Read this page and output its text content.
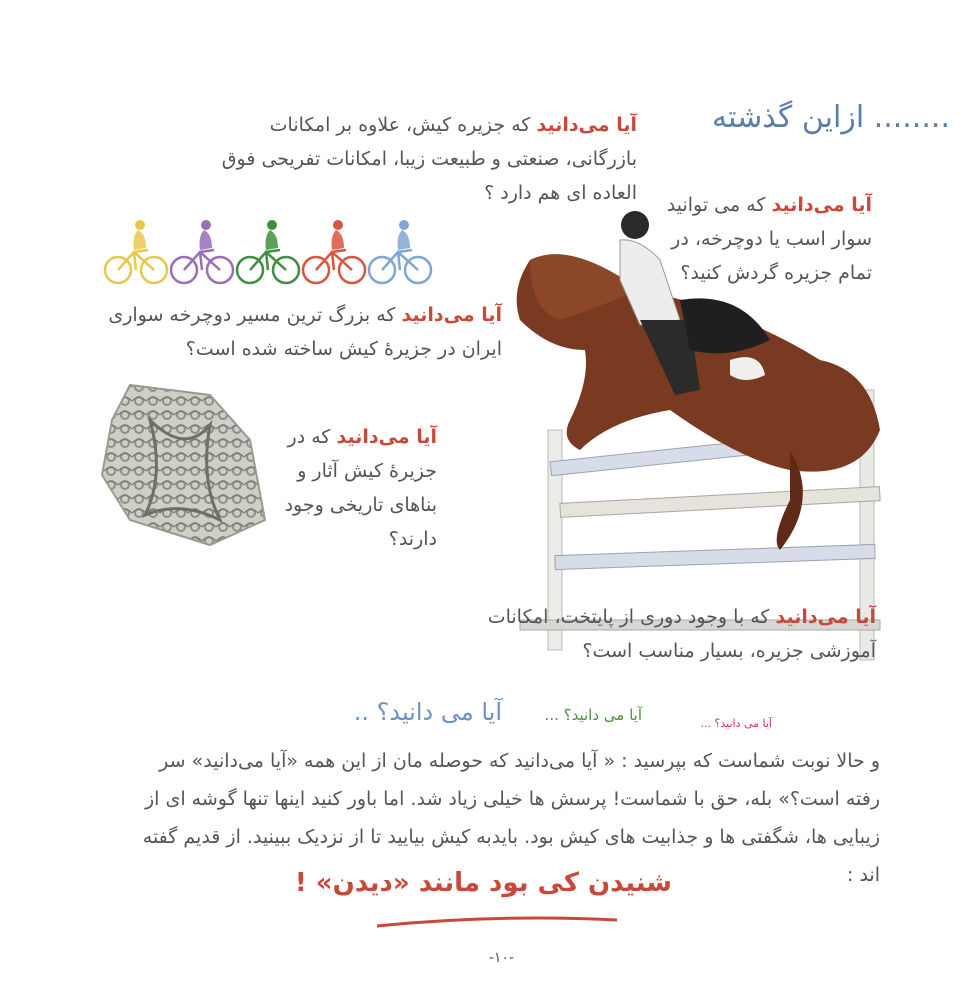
........ ازاین گذشته
آیا می‌دانید که جزیره کیش، علاوه بر امکانات بازرگانی، صنعتی و طبیعت زیبا، امکانات تفریحی فوق العاده ای هم دارد ؟
آیا می‌دانید که می توانید سوار اسب یا دوچرخه، در تمام جزیره گردش کنید؟
آیا می‌دانید که بزرگ ترین مسیر دوچرخه سواری ایران در جزیرهٔ کیش ساخته شده است؟
آیا می‌دانید که در جزیرهٔ کیش آثار و بناهای تاریخی وجود دارند؟
آیا می‌دانید که با وجود دوری از پایتخت، امکانات آموزشی جزیره، بسیار مناسب است؟
آیا می دانید؟ ..	آیا می دانید؟ ...	آیا می دانید؟ ...
و حالا نوبت شماست که بپرسید : « آیا می‌دانید که حوصله مان از این همه «آیا می‌دانید» سر رفته است؟» بله، حق با شماست! پرسش ها خیلی زیاد شد. اما باور کنید اینها تنها گوشه ای از زیبایی ها، شگفتی ها و جذابیت های کیش بود. بایدبه کیش بیایید تا از نزدیک ببینید. از قدیم گفته اند :
شنیدن کی بود مانند «دیدن» !
-۱۰-
